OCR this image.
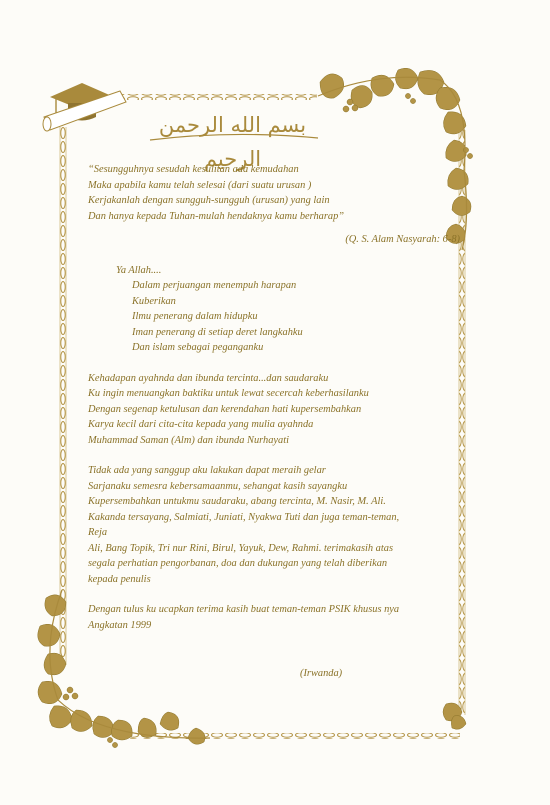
بسم الله الرحمن الرحيم

“Sesungguhnya sesudah kesulitan ada kemudahan

Maka apabila kamu telah selesai (dari suatu urusan )

Kerjakanlah dengan sungguh-sungguh (urusan) yang lain

Dan hanya kepada Tuhan-mulah hendaknya kamu berharap”

(Q. S. Alam Nasyarah: 6-8)

Ya Allah....

Dalam perjuangan menempuh harapan

Kuberikan

Ilmu penerang dalam hidupku

Iman penerang di setiap deret langkahku

Dan islam sebagai peganganku

Kehadapan ayahnda dan ibunda tercinta...dan saudaraku

Ku ingin menuangkan baktiku untuk lewat secercah keberhasilanku

Dengan segenap ketulusan dan kerendahan hati kupersembahkan

Karya kecil dari cita-cita kepada yang mulia ayahnda

Muhammad Saman (Alm) dan ibunda Nurhayati

Tidak ada yang sanggup aku lakukan dapat meraih gelar

Sarjanaku semesra kebersamaanmu, sehangat kasih sayangku

Kupersembahkan untukmu saudaraku, abang tercinta, M. Nasir, M. Ali.

Kakanda tersayang, Salmiati, Juniati, Nyakwa Tuti dan juga teman-teman,

Reja

Ali, Bang Topik, Tri nur Rini, Birul, Yayuk, Dew, Rahmi. terimakasih atas

segala perhatian pengorbanan, doa dan dukungan yang telah diberikan

kepada penulis

Dengan tulus ku ucapkan terima kasih buat teman-teman PSIK khusus nya

Angkatan 1999

(Irwanda)
